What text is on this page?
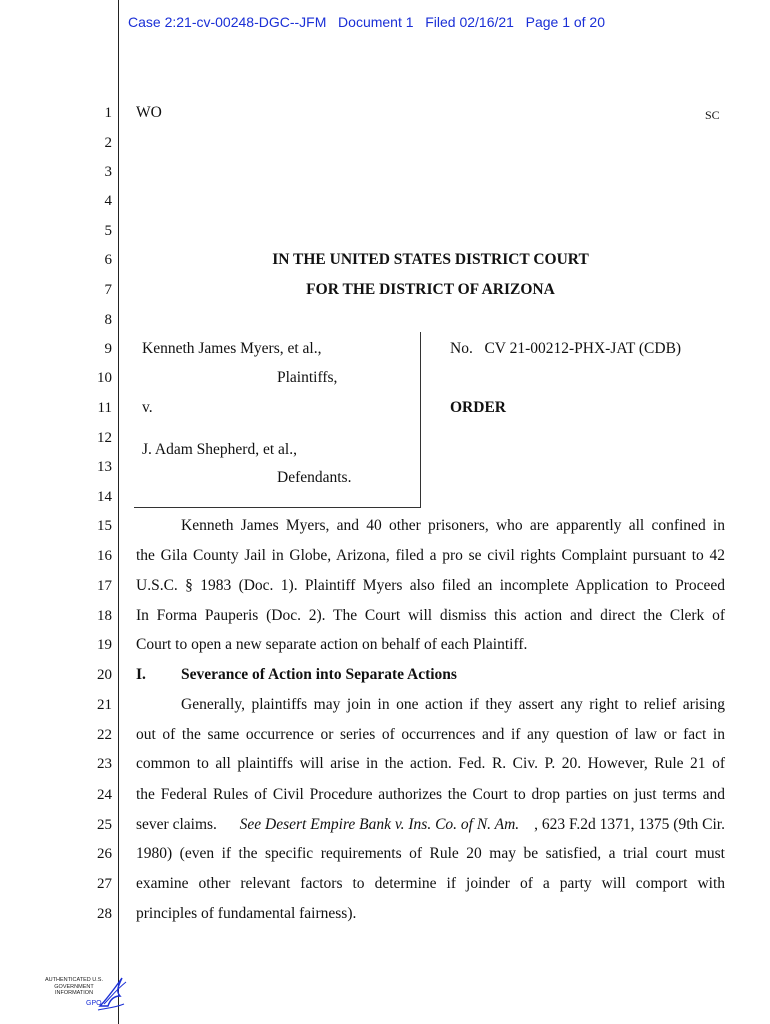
Case 2:21-cv-00248-DGC--JFM   Document 1   Filed 02/16/21   Page 1 of 20
1
2
3
4
5
6
7
8
9
10
11
12
13
14
15
16
17
18
19
20
21
22
23
24
25
26
27
28
WO	SC
IN THE UNITED STATES DISTRICT COURT
FOR THE DISTRICT OF ARIZONA
Kenneth James Myers, et al.,
Plaintiffs,
v.
J. Adam Shepherd, et al.,
Defendants.
No.   CV 21-00212-PHX-JAT (CDB)
ORDER
Kenneth James Myers, and 40 other prisoners, who are apparently all confined in
the Gila County Jail in Globe, Arizona, filed a pro se civil rights Complaint pursuant to 42
U.S.C. § 1983 (Doc. 1). Plaintiff Myers also filed an incomplete Application to Proceed
In Forma Pauperis (Doc. 2). The Court will dismiss this action and direct the Clerk of
Court to open a new separate action on behalf of each Plaintiff.
I. Severance of Action into Separate Actions
Generally, plaintiffs may join in one action if they assert any right to relief arising
out of the same occurrence or series of occurrences and if any question of law or fact in
common to all plaintiffs will arise in the action. Fed. R. Civ. P. 20. However, Rule 21 of
the Federal Rules of Civil Procedure authorizes the Court to drop parties on just terms and
sever claims. See Desert Empire Bank v. Ins. Co. of N. Am. , 623 F.2d 1371, 1375 (9th Cir.
1980) (even if the specific requirements of Rule 20 may be satisfied, a trial court must
examine other relevant factors to determine if joinder of a party will comport with
principles of fundamental fairness).
AUTHENTICATED U.S. GOVERNMENT INFORMATION
GPO
